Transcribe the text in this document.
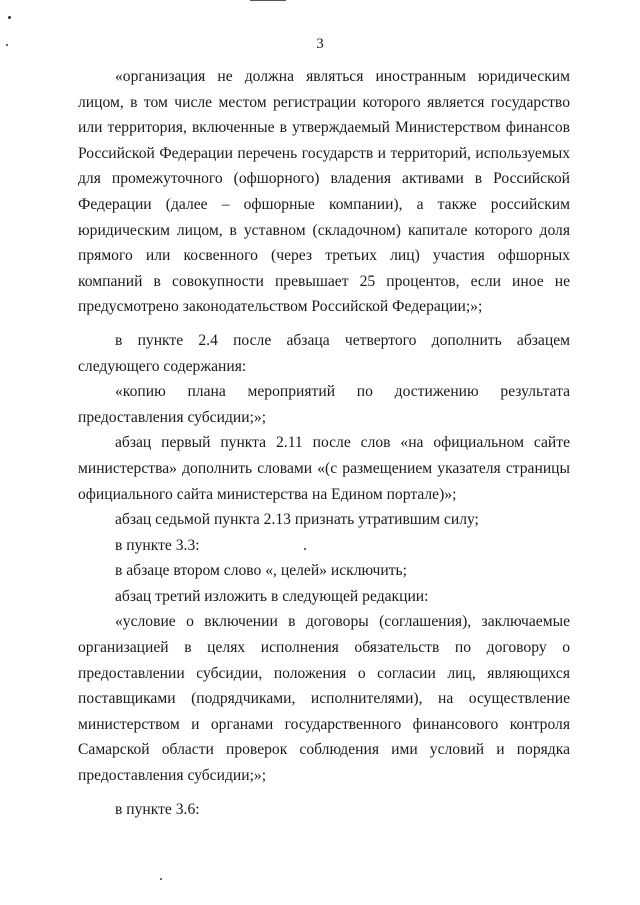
3

«организация не должна являться иностранным юридическим лицом, в том числе местом регистрации которого является государство или территория, включенные в утверждаемый Министерством финансов Российской Федерации перечень государств и территорий, используемых для промежуточного (офшорного) владения активами в Российской Федерации (далее – офшорные компании), а также российским юридическим лицом, в уставном (складочном) капитале которого доля прямого или косвенного (через третьих лиц) участия офшорных компаний в совокупности превышает 25 процентов, если иное не предусмотрено законодательством Российской Федерации;»;

в пункте 2.4 после абзаца четвертого дополнить абзацем следующего содержания:

«копию плана мероприятий по достижению результата предоставления субсидии;»;

абзац первый пункта 2.11 после слов «на официальном сайте министерства» дополнить словами «(с размещением указателя страницы официального сайта министерства на Едином портале)»;

абзац седьмой пункта 2.13 признать утратившим силу;

в пункте 3.3:

в абзаце втором слово «, целей» исключить;

абзац третий изложить в следующей редакции:

«условие о включении в договоры (соглашения), заключаемые организацией в целях исполнения обязательств по договору о предоставлении субсидии, положения о согласии лиц, являющихся поставщиками (подрядчиками, исполнителями), на осуществление министерством и органами государственного финансового контроля Самарской области проверок соблюдения ими условий и порядка предоставления субсидии;»;

в пункте 3.6:
